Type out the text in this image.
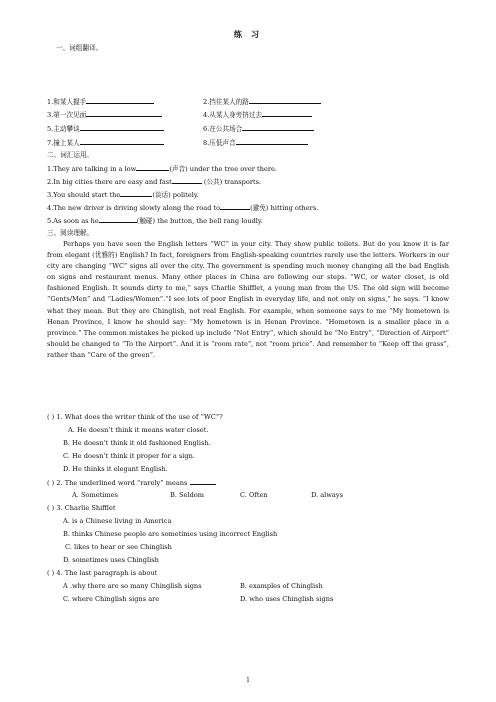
练 习
一、词组翻译。
1.和某人握手	2.挡住某人的路
3.第一次见面	4.从某人身旁挤过去
5.主动攀谈	6.在公共场合
7.撞上某人	8.压低声音
二、词汇运用。
1.They are talking in a low	(声音) under the tree over there.
2.In big cities there are easy and fast	(公共) transports.
3.You should start the	(谈话) politely.
4.The new driver is driving slowly along the road to	(避免) hitting others.
5.As soon as he	(触碰) the button, the bell rang loudly.
三、阅读理解。
Perhaps you have seen the English letters “WC” in your city. They show public toilets. But do you know it is far from elegant (优雅的) English? In fact, foreigners from English-speaking countries rarely use the letters. Workers in our city are changing “WC” signs all over the city. The government is spending much money changing all the bad English on signs and restaurant menus. Many other places in China are following our steps. “WC, or water closet, is old fashioned English. It sounds dirty to me,” says Charlie Shifflet, a young man from the US. The old sign will become “Gents/Men” and “Ladies/Women”.“I see lots of poor English in everyday life, and not only on signs,” he says. “I know what they mean. But they are Chinglish, not real English. For example, when someone says to me “My hometown is Henan Province, I know he should say: “My hometown is in Henan Province. “Hometown is a smaller place in a province.” The common mistakes he picked up include “Not Entry”, which should be “No Entry”, “Direction of Airport” should be changed to “To the Airport”. And it is “room rate”, not “room price”. And remember to “Keep off the grass”, rather than “Care of the green”.
( ) 1. What does the writer think of the use of “WC”?
A. He doesn’t think it means water closet.
B. He doesn’t think it old fashioned English.
C. He doesn’t think it proper for a sign.
D. He thinks it elegant English.
( ) 2. The underlined word “rarely” means
A. Sometimes	B. Seldom	C. Often	D. always
( ) 3. Charlie Shifflet
A. is a Chinese living in America
B. thinks Chinese people are sometimes using incorrect English
C. likes to hear or see Chinglish
D. sometimes uses Chinglish
( ) 4. The last paragraph is about
A .why there are so many Chinglish signs	B. examples of Chinglish
C. where Chinglish signs are	D. who uses Chinglish signs
1
